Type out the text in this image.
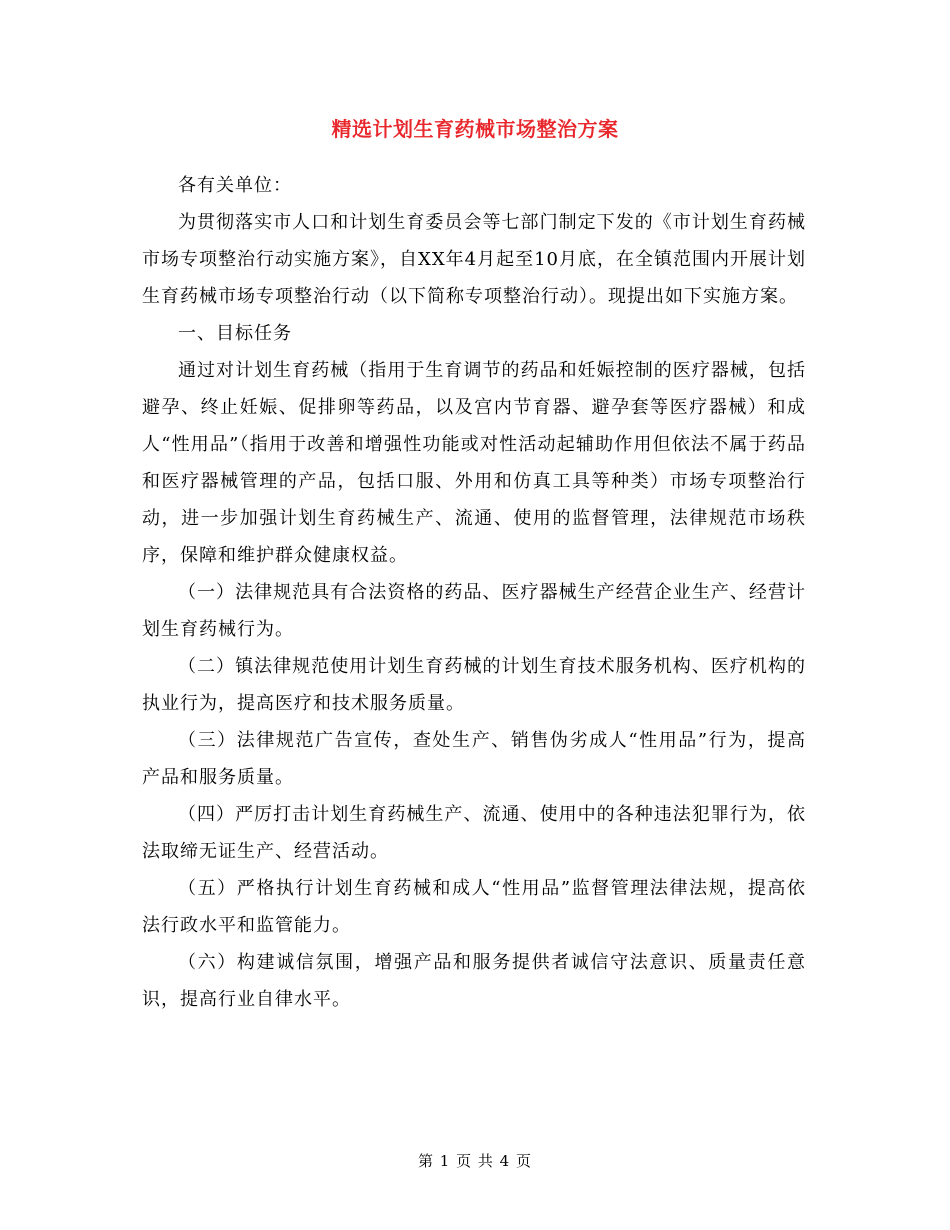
精选计划生育药械市场整治方案

各有关单位：

为贯彻落实市人口和计划生育委员会等七部门制定下发的《市计划生育药械市场专项整治行动实施方案》，自XX年4月起至10月底，在全镇范围内开展计划生育药械市场专项整治行动（以下简称专项整治行动）。现提出如下实施方案。

一、目标任务

通过对计划生育药械（指用于生育调节的药品和妊娠控制的医疗器械，包括避孕、终止妊娠、促排卵等药品，以及宫内节育器、避孕套等医疗器械）和成人“性用品”（指用于改善和增强性功能或对性活动起辅助作用但依法不属于药品和医疗器械管理的产品，包括口服、外用和仿真工具等种类）市场专项整治行动，进一步加强计划生育药械生产、流通、使用的监督管理，法律规范市场秩序，保障和维护群众健康权益。

（一）法律规范具有合法资格的药品、医疗器械生产经营企业生产、经营计划生育药械行为。

（二）镇法律规范使用计划生育药械的计划生育技术服务机构、医疗机构的执业行为，提高医疗和技术服务质量。

（三）法律规范广告宣传，查处生产、销售伪劣成人“性用品”行为，提高产品和服务质量。

（四）严厉打击计划生育药械生产、流通、使用中的各种违法犯罪行为，依法取缔无证生产、经营活动。

（五）严格执行计划生育药械和成人“性用品”监督管理法律法规，提高依法行政水平和监管能力。

（六）构建诚信氛围，增强产品和服务提供者诚信守法意识、质量责任意识，提高行业自律水平。

第 1 页 共 4 页
